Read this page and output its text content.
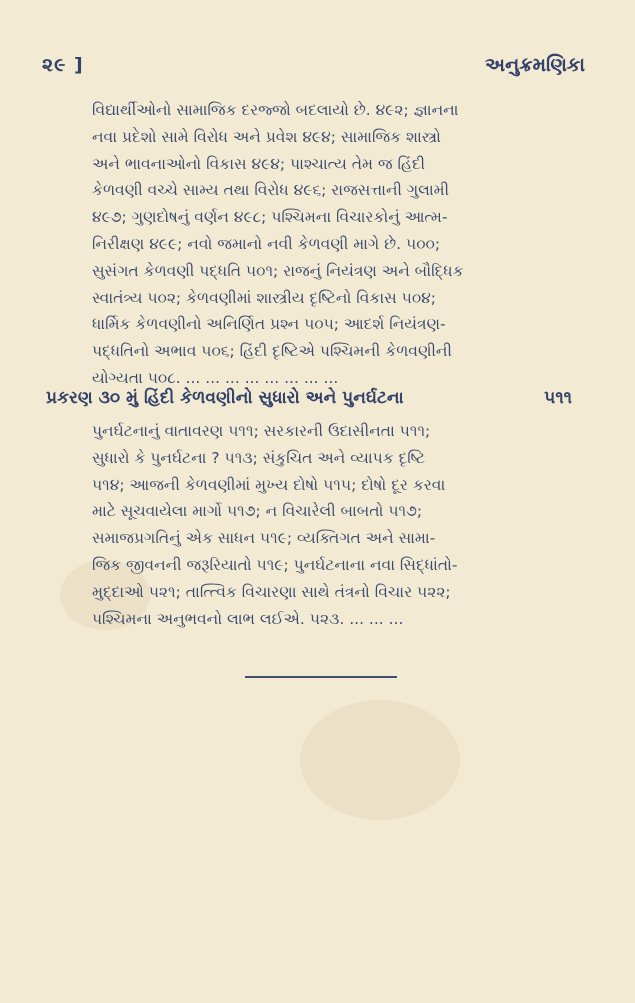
૨૯ ]	અનુક્રમણિકા
વિદ્યાર્થીઓનો સામાજિક દરજ્જો બદલાયો છે. ૪૯૨; જ્ઞાનના
નવા પ્રદેશો સામે વિરોધ અને પ્રવેશ ૪૯૪; સામાજિક શાસ્ત્રો
અને ભાવનાઓનો વિકાસ ૪૯૪; પાશ્ચાત્ય તેમ જ હિંદી
કેળવણી વચ્ચે સામ્ય તથા વિરોધ ૪૯૬; રાજસત્તાની ગુલામી
૪૯૭; ગુણદોષનું વર્ણન ૪૯૮; પશ્ચિમના વિચારકોનું આત્મ-
નિરીક્ષણ ૪૯૯; નવો જમાનો નવી કેળવણી માગે છે. ૫૦૦;
સુસંગત કેળવણી પદ્ધતિ ૫૦૧; રાજનું નિયંત્રણ અને બૌદ્ધિક
સ્વાતંત્ર્ય ૫૦૨; કેળવણીમાં શાસ્ત્રીય દૃષ્ટિનો વિકાસ ૫૦૪;
ધાર્મિક કેળવણીનો અનિર્ણિત પ્રશ્ન ૫૦૫; આદર્શ નિયંત્રણ-
પદ્ધતિનો અભાવ ૫૦૬; હિંદી દૃષ્ટિએ પશ્ચિમની કેળવણીની
યોગ્યતા ૫૦૮. ... ... ... ... ... ... ... ...
પ્રકરણ ૩૦ મું હિંદી કેળવણીનો સુધારો અને પુનર્ઘટના	૫૧૧
પુનર્ઘટનાનું વાતાવરણ ૫૧૧; સરકારની ઉદાસીનતા ૫૧૧;
સુધારો કે પુનર્ઘટના ? ૫૧૩; સંકુચિત અને વ્યાપક દૃષ્ટિ
૫૧૪; આજની કેળવણીમાં મુખ્ય દોષો ૫૧૫; દોષો દૂર કરવા
માટે સૂચવાયેલા માર્ગો ૫૧૭; ન વિચારેલી બાબતો ૫૧૭;
સમાજપ્રગતિનું એક સાધન ૫૧૯; વ્યક્તિગત અને સામા-
જિક જીવનની જરૂરિયાતો ૫૧૯; પુનર્ઘટનાના નવા સિદ્ધાંતો-
મુદ્દાઓ ૫૨૧; તાત્ત્વિક વિચારણા સાથે તંત્રનો વિચાર ૫૨૨;
પશ્ચિમના અનુભવનો લાભ લઈએ. ૫૨૩. ... ... ...
